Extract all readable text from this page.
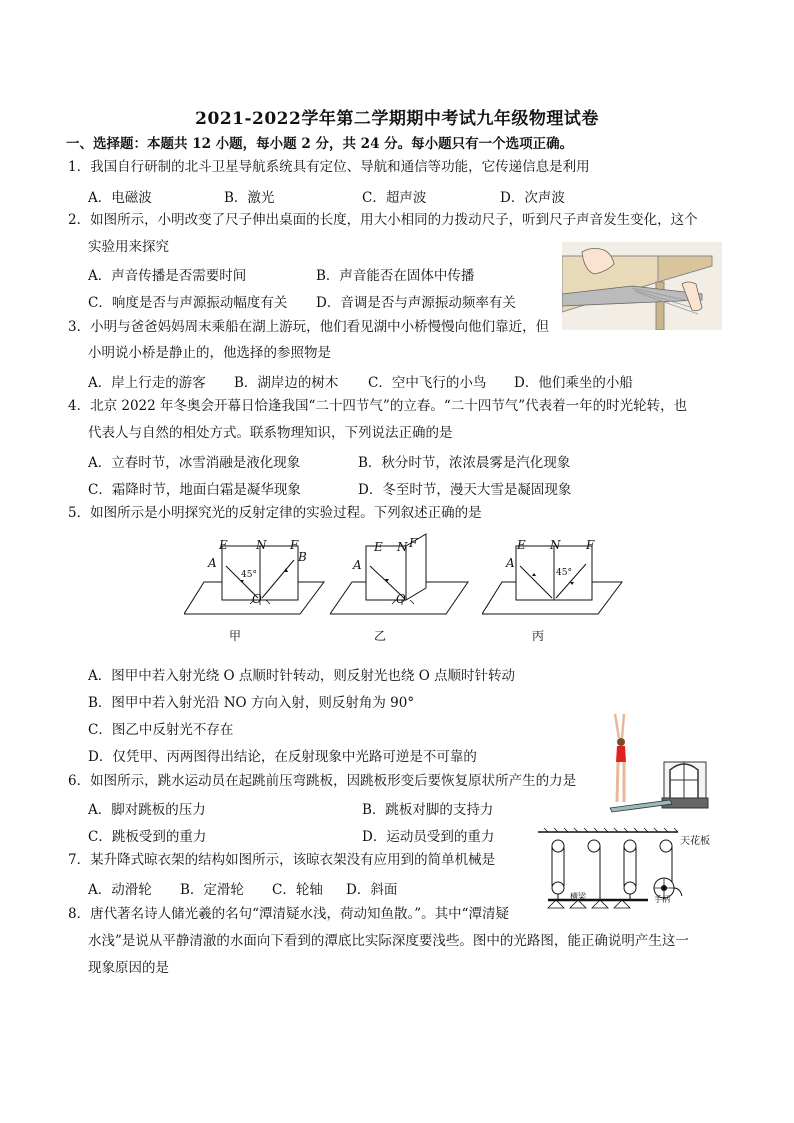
2021-2022学年第二学期期中考试九年级物理试卷
一、选择题：本题共 12 小题，每小题 2 分，共 24 分。每小题只有一个选项正确。
1．我国自行研制的北斗卫星导航系统具有定位、导航和通信等功能，它传递信息是利用
A．电磁波	B．激光	C．超声波	D．次声波
2．如图所示，小明改变了尺子伸出桌面的长度，用大小相同的力拨动尺子，听到尺子声音发生变化，这个
实验用来探究
A．声音传播是否需要时间	B．声音能否在固体中传播
C．响度是否与声源振动幅度有关 D．音调是否与声源振动频率有关
3．小明与爸爸妈妈周末乘船在湖上游玩，他们看见湖中小桥慢慢向他们靠近，但
小明说小桥是静止的，他选择的参照物是
A．岸上行走的游客 B．湖岸边的树木 C．空中飞行的小鸟 D．他们乘坐的小船
4．北京 2022 年冬奥会开幕日恰逢我国“二十四节气”的立春。“二十四节气”代表着一年的时光轮转，也
代表人与自然的相处方式。联系物理知识，下列说法正确的是
A．立春时节，冰雪消融是液化现象	B．秋分时节，浓浓晨雾是汽化现象
C．霜降时节，地面白霜是凝华现象	D．冬至时节，漫天大雪是凝固现象
5．如图所示是小明探究光的反射定律的实验过程。下列叙述正确的是
E N F
A	B
45°
O
甲
E N F
A
O
乙
E N F
A
45°
丙
A．图甲中若入射光绕 O 点顺时针转动，则反射光也绕 O 点顺时针转动
B．图甲中若入射光沿 NO 方向入射，则反射角为 90°
C．图乙中反射光不存在
D．仅凭甲、丙两图得出结论，在反射现象中光路可逆是不可靠的
6．如图所示，跳水运动员在起跳前压弯跳板，因跳板形变后要恢复原状所产生的力是
A．脚对跳板的压力	B．跳板对脚的支持力
C．跳板受到的重力	D．运动员受到的重力	天花板
横梁	手柄
7．某升降式晾衣架的结构如图所示，该晾衣架没有应用到的简单机械是
A．动滑轮 B．定滑轮 C．轮轴 D．斜面
8．唐代著名诗人储光羲的名句“潭清疑水浅，荷动知鱼散。”。其中“潭清疑
水浅”是说从平静清澈的水面向下看到的潭底比实际深度要浅些。图中的光路图，能正确说明产生这一
现象原因的是
